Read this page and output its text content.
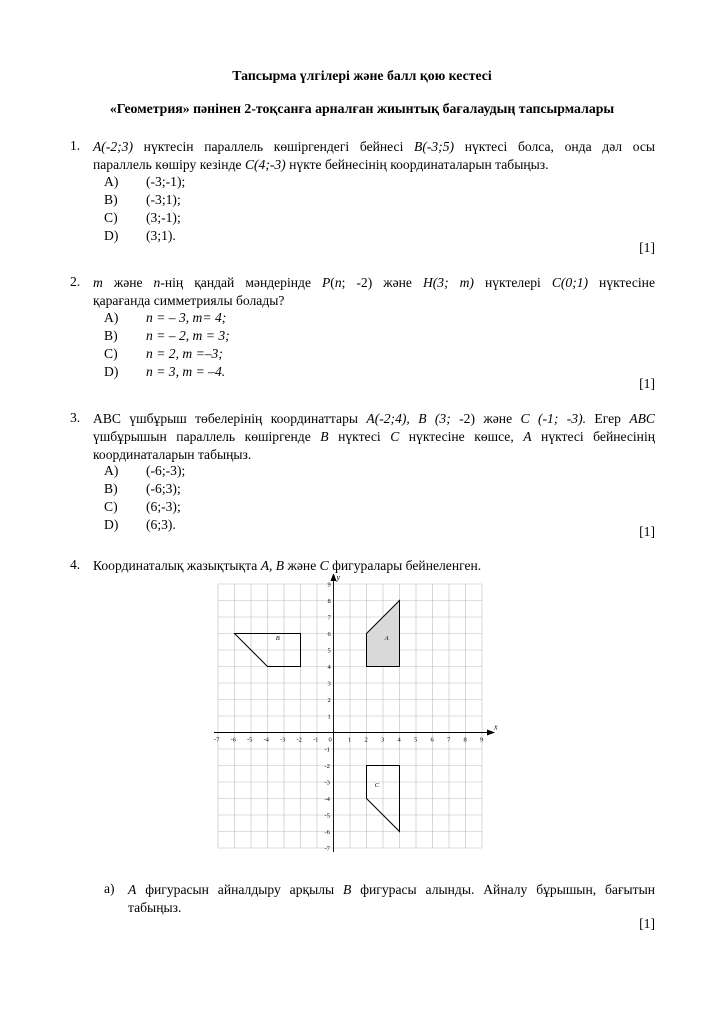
Тапсырма үлгілері және балл қою кестесі
«Геометрия» пәнінен 2-тоқсанға арналған жиынтық бағалаудың тапсырмалары
1. A(-2;3) нүктесін параллель көшіргендегі бейнесі B(-3;5) нүктесі болса, онда дәл осы
параллель көшіру кезінде C(4;-3) нүкте бейнесінің координаталарын табыңыз.
A) (-3;-1);
B) (-3;1);
C) (3;-1);
D) (3;1).
[1]
2. m және n-нің қандай мәндерінде P(n; -2) және H(3; m) нүктелері C(0;1) нүктесіне
қарағанда симметриялы болады?
A) n = – 3, m= 4;
B) n = – 2, m = 3;
C) n = 2, m =–3;
D) n = 3, m = –4.
[1]
3. ABC үшбұрыш төбелерінің координаттары A(-2;4), B (3; -2) және C (-1; -3). Егер ABC
үшбұрышын параллель көшіргенде B нүктесі C нүктесіне көшсе, A нүктесі бейнесінің
координаталарын табыңыз.
A) (-6;-3);
B) (-6;3);
C) (6;-3);
D) (6;3).	[1]
4. Координаталық жазықтықта A, B және C фигуралары бейнеленген.
x
y
-7 -6 -5 -4 -3 -2 -1 0	1 2 3 4 5 6 7 8 9
9
8
7
6
5
4
3
2
1
-1
-2
-3
-4
-5
-6
-7
A
B
C
a) A фигурасын айналдыру арқылы B фигурасы алынды. Айналу бұрышын, бағытын
табыңыз.
[1]
